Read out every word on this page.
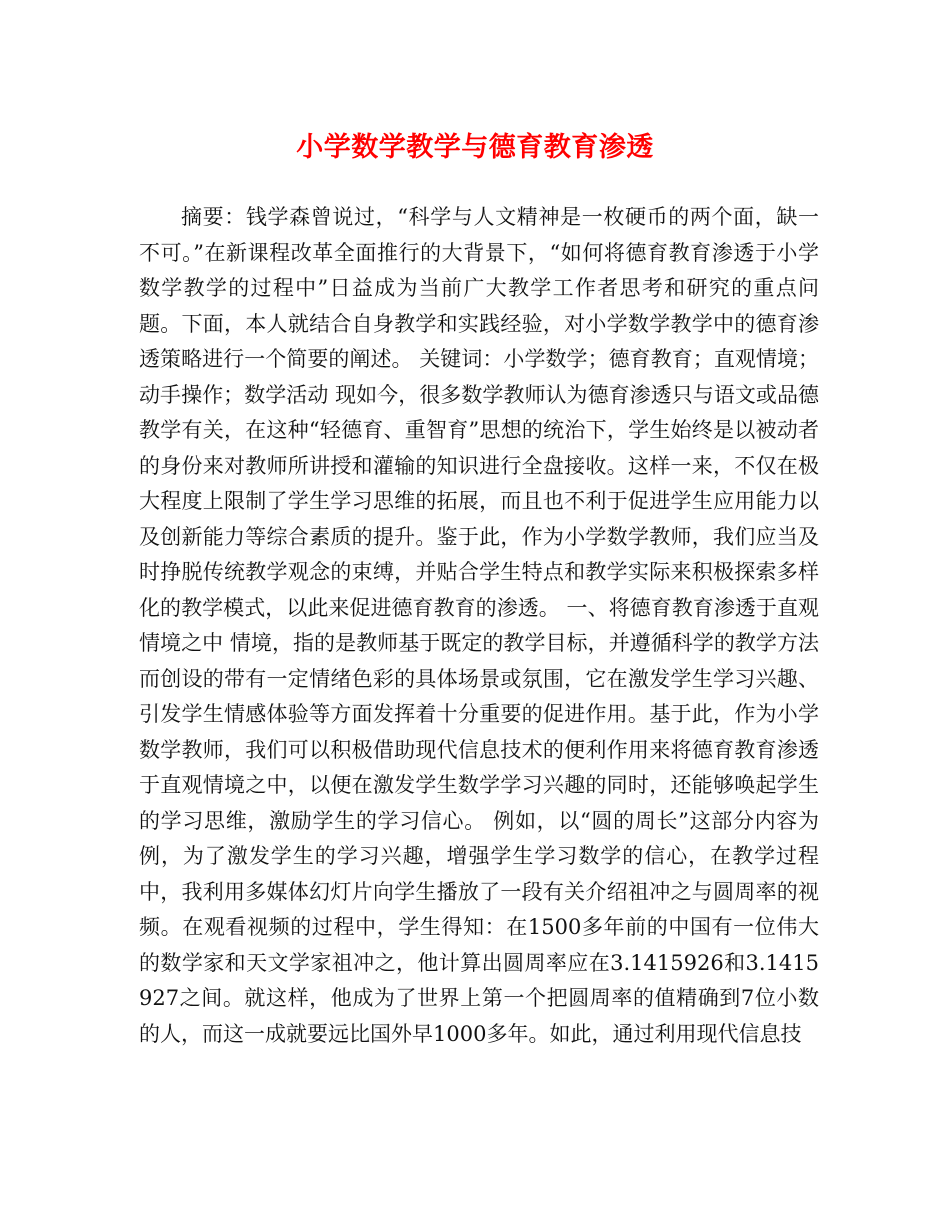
小学数学教学与德育教育渗透

摘要：钱学森曾说过，“科学与人文精神是一枚硬币的两个面，缺一不可。”在新课程改革全面推行的大背景下，“如何将德育教育渗透于小学数学教学的过程中”日益成为当前广大教学工作者思考和研究的重点问题。下面，本人就结合自身教学和实践经验，对小学数学教学中的德育渗透策略进行一个简要的阐述。 关键词：小学数学；德育教育；直观情境；动手操作；数学活动 现如今，很多数学教师认为德育渗透只与语文或品德教学有关，在这种“轻德育、重智育”思想的统治下，学生始终是以被动者的身份来对教师所讲授和灌输的知识进行全盘接收。这样一来，不仅在极大程度上限制了学生学习思维的拓展，而且也不利于促进学生应用能力以及创新能力等综合素质的提升。鉴于此，作为小学数学教师，我们应当及时挣脱传统教学观念的束缚，并贴合学生特点和教学实际来积极探索多样化的教学模式，以此来促进德育教育的渗透。 一、将德育教育渗透于直观情境之中 情境，指的是教师基于既定的教学目标，并遵循科学的教学方法而创设的带有一定情绪色彩的具体场景或氛围，它在激发学生学习兴趣、引发学生情感体验等方面发挥着十分重要的促进作用。基于此，作为小学数学教师，我们可以积极借助现代信息技术的便利作用来将德育教育渗透于直观情境之中，以便在激发学生数学学习兴趣的同时，还能够唤起学生的学习思维，激励学生的学习信心。 例如，以“圆的周长”这部分内容为例，为了激发学生的学习兴趣，增强学生学习数学的信心，在教学过程中，我利用多媒体幻灯片向学生播放了一段有关介绍祖冲之与圆周率的视频。在观看视频的过程中，学生得知：在1500多年前的中国有一位伟大的数学家和天文学家祖冲之，他计算出圆周率应在3.1415926和3.1415927之间。就这样，他成为了世界上第一个把圆周率的值精确到7位小数的人，而这一成就要远比国外早1000多年。如此，通过利用现代信息技
